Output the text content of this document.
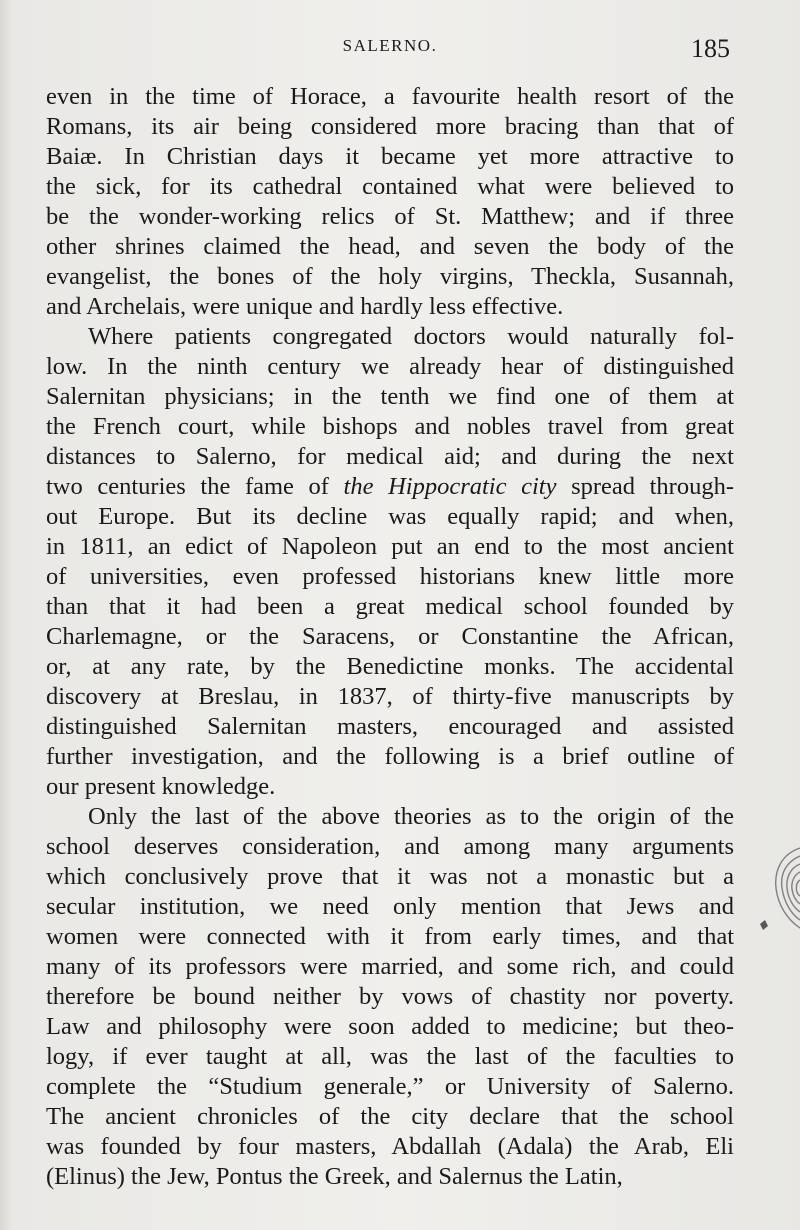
SALERNO.	185
even in the time of Horace, a favourite health resort of the
Romans, its air being considered more bracing than that of
Baiæ. In Christian days it became yet more attractive to
the sick, for its cathedral contained what were believed to
be the wonder-working relics of St. Matthew; and if three
other shrines claimed the head, and seven the body of the
evangelist, the bones of the holy virgins, Theckla, Susannah,
and Archelais, were unique and hardly less effective.
Where patients congregated doctors would naturally fol-
low. In the ninth century we already hear of distinguished
Salernitan physicians; in the tenth we find one of them at
the French court, while bishops and nobles travel from great
distances to Salerno, for medical aid; and during the next
two centuries the fame of the Hippocratic city spread through-
out Europe. But its decline was equally rapid; and when,
in 1811, an edict of Napoleon put an end to the most ancient
of universities, even professed historians knew little more
than that it had been a great medical school founded by
Charlemagne, or the Saracens, or Constantine the African,
or, at any rate, by the Benedictine monks. The accidental
discovery at Breslau, in 1837, of thirty-five manuscripts by
distinguished Salernitan masters, encouraged and assisted
further investigation, and the following is a brief outline of
our present knowledge.
Only the last of the above theories as to the origin of the
school deserves consideration, and among many arguments
which conclusively prove that it was not a monastic but a
secular institution, we need only mention that Jews and
women were connected with it from early times, and that
many of its professors were married, and some rich, and could
therefore be bound neither by vows of chastity nor poverty.
Law and philosophy were soon added to medicine; but theo-
logy, if ever taught at all, was the last of the faculties to
complete the “Studium generale,” or University of Salerno.
The ancient chronicles of the city declare that the school
was founded by four masters, Abdallah (Adala) the Arab, Eli
(Elinus) the Jew, Pontus the Greek, and Salernus the Latin,
